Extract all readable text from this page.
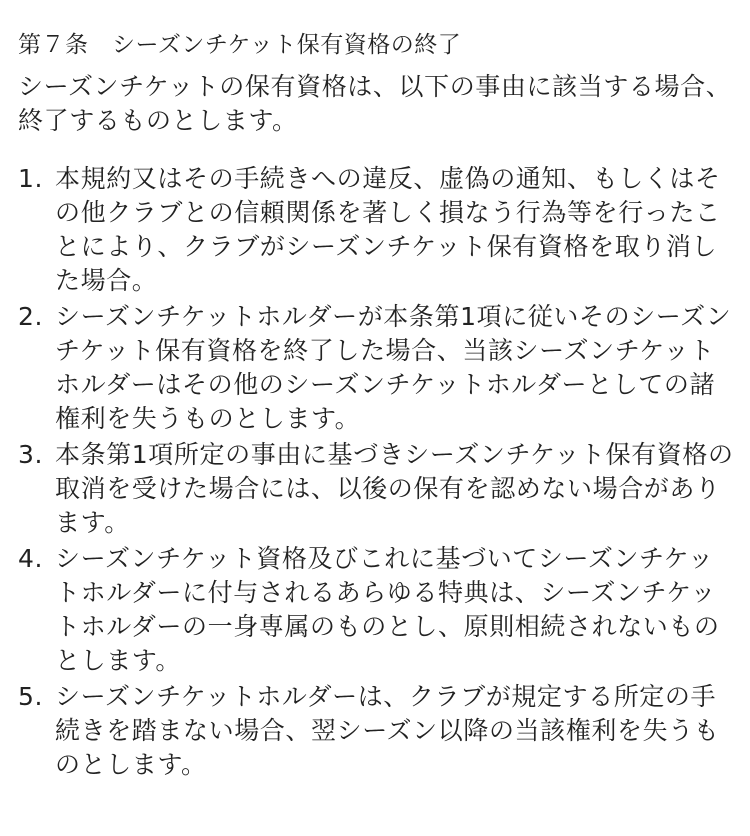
第７条　シーズンチケット保有資格の終了

シーズンチケットの保有資格は、以下の事由に該当する場合、終了するものとします。

1. 本規約又はその手続きへの違反、虚偽の通知、もしくはその他クラブとの信頼関係を著しく損なう行為等を行ったことにより、クラブがシーズンチケット保有資格を取り消した場合。
2. シーズンチケットホルダーが本条第1項に従いそのシーズンチケット保有資格を終了した場合、当該シーズンチケットホルダーはその他のシーズンチケットホルダーとしての諸権利を失うものとします。
3. 本条第1項所定の事由に基づきシーズンチケット保有資格の取消を受けた場合には、以後の保有を認めない場合があります。
4. シーズンチケット資格及びこれに基づいてシーズンチケットホルダーに付与されるあらゆる特典は、シーズンチケットホルダーの一身専属のものとし、原則相続されないものとします。
5. シーズンチケットホルダーは、クラブが規定する所定の手続きを踏まない場合、翌シーズン以降の当該権利を失うものとします。
